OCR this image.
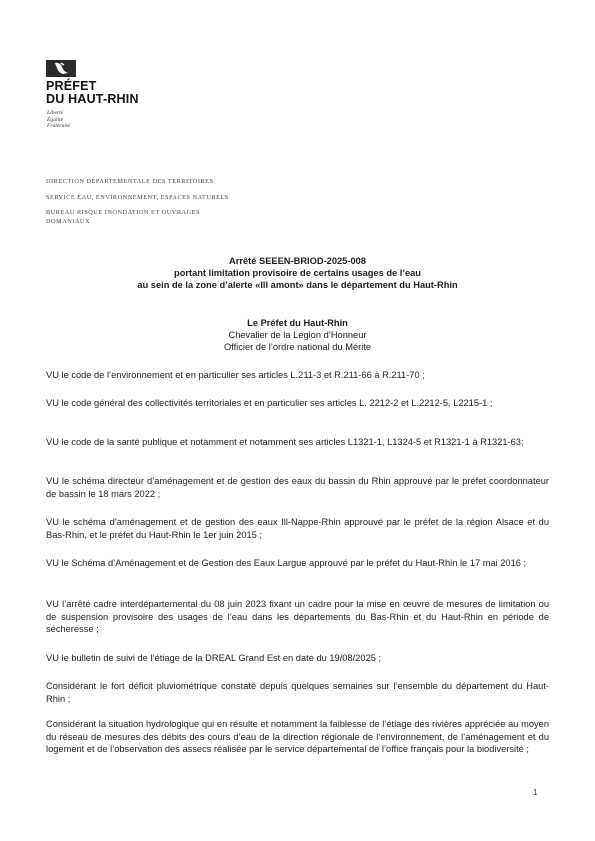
PRÉFET
DU HAUT-RHIN
Liberté
Égalité
Fraternité
DIRECTION DÉPARTEMENTALE DES TERRITOIRES
SERVICE EAU, ENVIRONNEMENT, ESPACES NATURELS
BUREAU RISQUE INONDATION ET OUVRAGES
DOMANIAUX
Arrêté SEEEN-BRIOD-2025-008
portant limitation provisoire de certains usages de l’eau
au sein de la zone d’alerte «Ill amont» dans le département du Haut-Rhin
Le Préfet du Haut-Rhin
Chevalier de la Légion d’Honneur
Officier de l’ordre national du Mérite
VU le code de l’environnement et en particulier ses articles L.211-3 et R.211-66 à R.211-70 ;
VU le code général des collectivités territoriales et en particulier ses articles L. 2212-2 et L.2212-5, L2215-1 ;
VU le code de la santé publique et notamment et notamment ses articles L1321-1, L1324-5 et R1321-1 à R1321-63;
VU le schéma directeur d’aménagement et de gestion des eaux du bassin du Rhin approuvé par le préfet coordonnateur de bassin le 18 mars 2022 ;
VU le schéma d’aménagement et de gestion des eaux Ill-Nappe-Rhin approuvé par le préfet de la région Alsace et du Bas-Rhin, et le préfet du Haut-Rhin le 1er juin 2015 ;
VU le Schéma d’Aménagement et de Gestion des Eaux Largue approuvé par le préfet du Haut-Rhin le 17 mai 2016 ;
VU l’arrêté cadre interdépartemental du 08 juin 2023 fixant un cadre pour la mise en œuvre de mesures de limitation ou de suspension provisoire des usages de l’eau dans les départements du Bas-Rhin et du Haut-Rhin en période de sécheresse ;
VU le bulletin de suivi de l’étiage de la DREAL Grand Est en date du 19/08/2025 ;
Considérant le fort déficit pluviométrique constaté depuis quelques semaines sur l’ensemble du département du Haut-Rhin ;
Considérant la situation hydrologique qui en résulte et notamment la faiblesse de l’étiage des rivières appréciée au moyen du réseau de mesures des débits des cours d’eau de la direction régionale de l’environnement, de l’aménagement et du logement et de l’observation des assecs réalisée par le service départemental de l’office français pour la biodiversité ;
1
